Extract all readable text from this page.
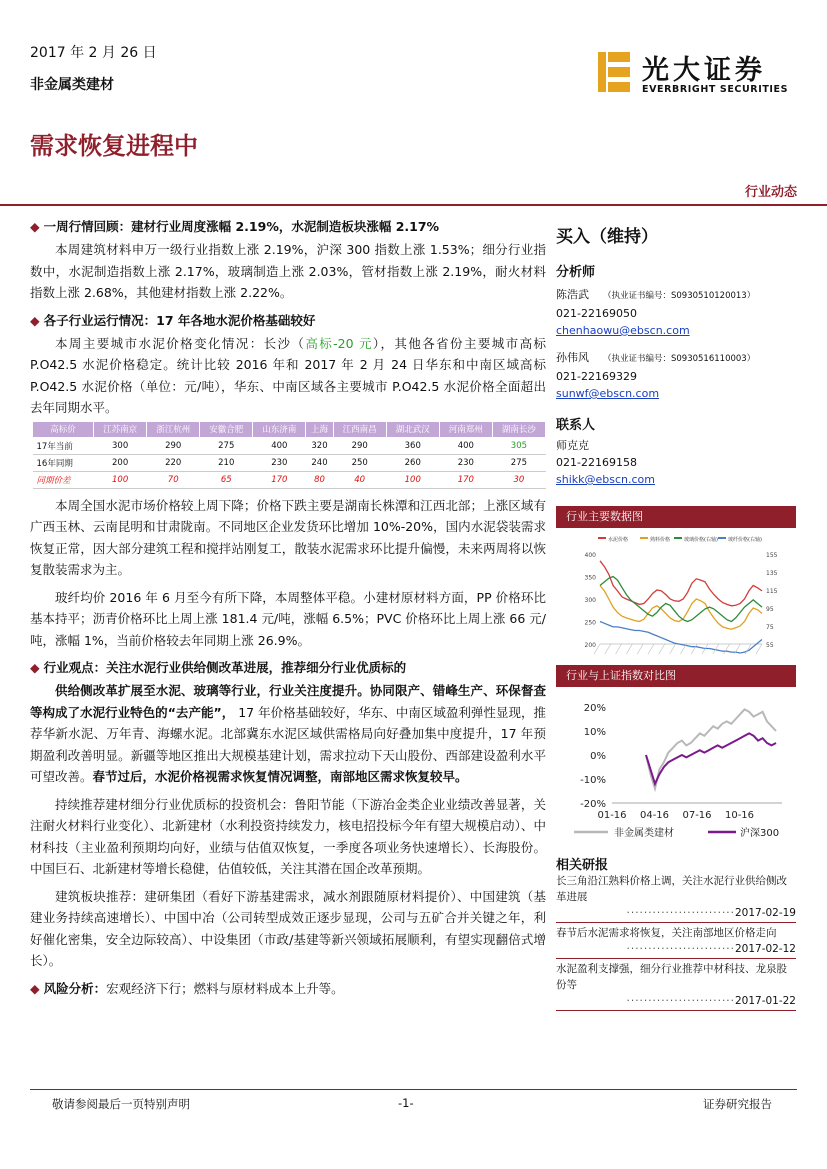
2017 年 2 月 26 日
非金属类建材
需求恢复进程中
光大证券
EVERBRIGHT SECURITIES
行业动态
◆ 一周行情回顾：建材行业周度涨幅 2.19%，水泥制造板块涨幅 2.17%

本周建筑材料申万一级行业指数上涨 2.19%，沪深 300 指数上涨 1.53%；细分行业指数中，水泥制造指数上涨 2.17%，玻璃制造上涨 2.03%，管材指数上涨 2.19%，耐火材料指数上涨 2.68%，其他建材指数上涨 2.22%。

◆ 各子行业运行情况：17 年各地水泥价格基础较好

本周主要城市水泥价格变化情况：长沙（高标-20 元），其他各省份主要城市高标 P.O42.5 水泥价格稳定。统计比较 2016 年和 2017 年 2 月 24 日华东和中南区域高标 P.O42.5 水泥价格（单位：元/吨），华东、中南区域各主要城市 P.O42.5 水泥价格全面超出去年同期水平。

高标价	江苏南京	浙江杭州	安徽合肥	山东济南	上海	江西南昌	湖北武汉	河南郑州	湖南长沙
17年当前	300	290	275	400	320	290	360	400	305
16年同期	200	220	210	230	240	250	260	230	275
同期价差	100	70	65	170	80	40	100	170	30

本周全国水泥市场价格较上周下降；价格下跌主要是湖南长株潭和江西北部；上涨区域有广西玉林、云南昆明和甘肃陇南。不同地区企业发货环比增加 10%-20%，国内水泥袋装需求恢复正常，因大部分建筑工程和搅拌站刚复工，散装水泥需求环比提升偏慢，未来两周将以恢复散装需求为主。

玻纤均价 2016 年 6 月至今有所下降，本周整体平稳。小建材原材料方面，PP 价格环比基本持平；沥青价格环比上周上涨 181.4 元/吨，涨幅 6.5%；PVC 价格环比上周上涨 66 元/吨，涨幅 1%，当前价格较去年同期上涨 26.9%。

◆ 行业观点：关注水泥行业供给侧改革进展，推荐细分行业优质标的

供给侧改革扩展至水泥、玻璃等行业，行业关注度提升。协同限产、错峰生产、环保督查等构成了水泥行业特色的“去产能”， 17 年价格基础较好，华东、中南区域盈利弹性显现，推荐华新水泥、万年青、海螺水泥。北部冀东水泥区域供需格局向好叠加集中度提升，17 年预期盈利改善明显。新疆等地区推出大规模基建计划，需求拉动下天山股份、西部建设盈利水平可望改善。春节过后，水泥价格视需求恢复情况调整，南部地区需求恢复较早。

持续推荐建材细分行业优质标的投资机会：鲁阳节能（下游冶金类企业业绩改善显著，关注耐火材料行业变化）、北新建材（水利投资持续发力，核电招投标今年有望大规模启动）、中材科技（主业盈利预期均向好，业绩与估值双恢复，一季度各项业务快速增长）、长海股份。中国巨石、北新建材等增长稳健，估值较低，关注其潜在国企改革预期。

建筑板块推荐：建研集团（看好下游基建需求，减水剂跟随原材料提价）、中国建筑（基建业务持续高速增长）、中国中冶（公司转型成效正逐步显现，公司与五矿合并关键之年，利好催化密集，安全边际较高）、中设集团（市政/基建等新兴领域拓展顺利，有望实现翻倍式增长）。

◆ 风险分析：宏观经济下行；燃料与原材料成本上升等。
买入（维持）
分析师
陈浩武 （执业证书编号：S0930510120013）
021-22169050
chenhaowu@ebscn.com
孙伟风 （执业证书编号：S0930516110003）
021-22169329
sunwf@ebscn.com
联系人
师克克
021-22169158
shikk@ebscn.com
行业主要数据图
水泥价格	熟料价格	玻璃价格(右轴) 玻纤价格(右轴)
400
350
300
250
200
155
135
115
95
75
55
行业与上证指数对比图
20%
10%
0%
-10%
-20%
01-16 04-16 07-16 10-16
非金属类建材	沪深300
相关研报
长三角沿江熟料价格上调，关注水泥行业供给侧改革进展
·························2017-02-19
春节后水泥需求将恢复，关注南部地区价格走向
·························2017-02-12
水泥盈利支撑强，细分行业推荐中材科技、龙泉股份等
·························2017-01-22
敬请参阅最后一页特别声明	-1-	证券研究报告
